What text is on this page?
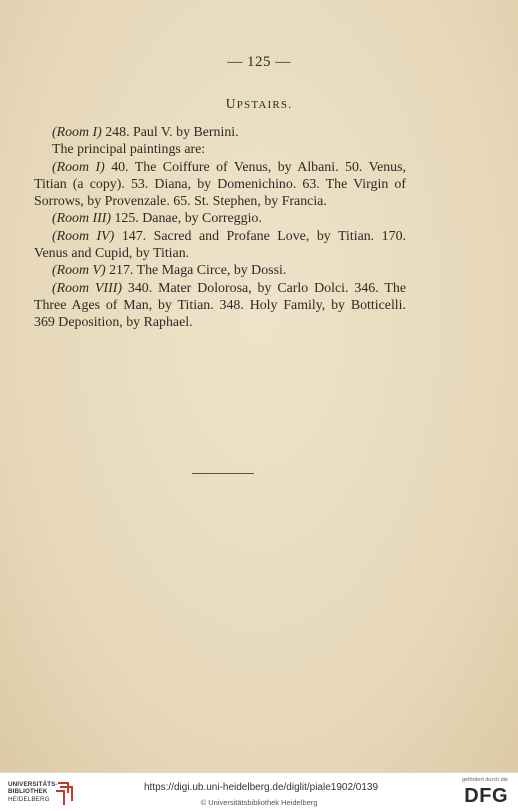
— 125 —
UPSTAIRS.

(Room I) 248. Paul V. by Bernini.

The principal paintings are:

(Room I) 40. The Coiffure of Venus, by Albani. 50. Venus, Titian (a copy). 53. Diana, by Domenichino. 63. The Virgin of Sorrows, by Provenzale. 65. St. Stephen, by Francia.

(Room III) 125. Danae, by Correggio.

(Room IV) 147. Sacred and Profane Love, by Titian. 170. Venus and Cupid, by Titian.

(Room V) 217. The Maga Circe, by Dossi.

(Room VIII) 340. Mater Dolorosa, by Carlo Dolci. 346. The Three Ages of Man, by Titian. 348. Holy Family, by Botticelli. 369 Deposition, by Raphael.

UNIVERSITÄTS-
BIBLIOTHEK
HEIDELBERG
https://digi.ub.uni-heidelberg.de/diglit/piale1902/0139
© Universitätsbibliothek Heidelberg
gefördert durch die
DFG
